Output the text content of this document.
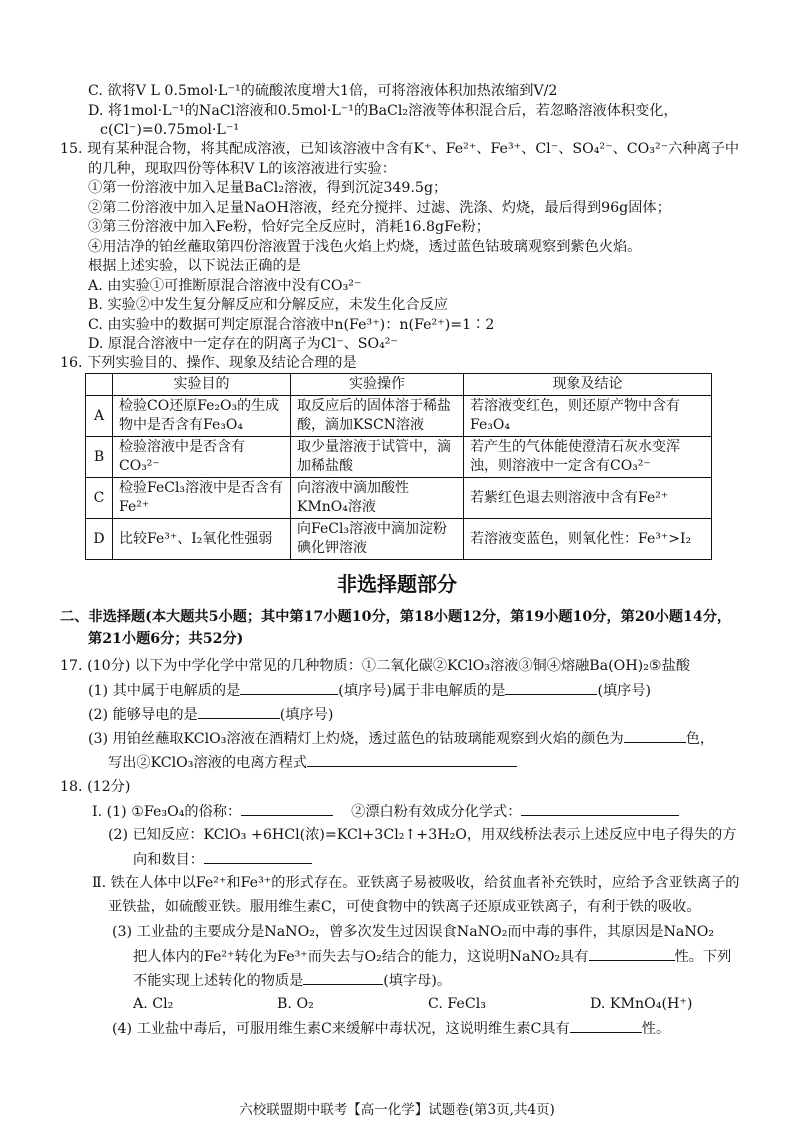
C. 欲将V L 0.5mol·L⁻¹的硫酸浓度增大1倍，可将溶液体积加热浓缩到V/2
D. 将1mol·L⁻¹的NaCl溶液和0.5mol·L⁻¹的BaCl₂溶液等体积混合后，若忽略溶液体积变化，
c(Cl⁻)=0.75mol·L⁻¹
15. 现有某种混合物，将其配成溶液，已知该溶液中含有K⁺、Fe²⁺、Fe³⁺、Cl⁻、SO₄²⁻、CO₃²⁻六种离子中
的几种，现取四份等体积V L的该溶液进行实验：
①第一份溶液中加入足量BaCl₂溶液，得到沉淀349.5g；
②第二份溶液中加入足量NaOH溶液，经充分搅拌、过滤、洗涤、灼烧，最后得到96g固体；
③第三份溶液中加入Fe粉，恰好完全反应时，消耗16.8gFe粉；
④用洁净的铂丝蘸取第四份溶液置于浅色火焰上灼烧，透过蓝色钴玻璃观察到紫色火焰。
根据上述实验，以下说法正确的是
A. 由实验①可推断原混合溶液中没有CO₃²⁻
B. 实验②中发生复分解反应和分解反应，未发生化合反应
C. 由实验中的数据可判定原混合溶液中n(Fe³⁺)：n(Fe²⁺)=1∶2
D. 原混合溶液中一定存在的阴离子为Cl⁻、SO₄²⁻
16. 下列实验目的、操作、现象及结论合理的是
	实验目的	实验操作	现象及结论
A	检验CO还原Fe₂O₃的生成物中是否含有Fe₃O₄	取反应后的固体溶于稀盐酸，滴加KSCN溶液	若溶液变红色，则还原产物中含有Fe₃O₄
B	检验溶液中是否含有CO₃²⁻	取少量溶液于试管中，滴加稀盐酸	若产生的气体能使澄清石灰水变浑浊，则溶液中一定含有CO₃²⁻
C	检验FeCl₃溶液中是否含有Fe²⁺	向溶液中滴加酸性KMnO₄溶液	若紫红色退去则溶液中含有Fe²⁺
D	比较Fe³⁺、I₂氧化性强弱	向FeCl₃溶液中滴加淀粉碘化钾溶液	若溶液变蓝色，则氧化性：Fe³⁺>I₂
非选择题部分
二、非选择题(本大题共5小题；其中第17小题10分，第18小题12分，第19小题10分，第20小题14分，
第21小题6分；共52分)
17. (10分) 以下为中学化学中常见的几种物质：①二氧化碳②KClO₃溶液③铜④熔融Ba(OH)₂⑤盐酸
(1) 其中属于电解质的是	(填序号)属于非电解质的是	(填序号)
(2) 能够导电的是	(填序号)
(3) 用铂丝蘸取KClO₃溶液在酒精灯上灼烧，透过蓝色的钴玻璃能观察到火焰的颜色为	色，
写出②KClO₃溶液的电离方程式
18. (12分)
Ⅰ. (1) ①Fe₃O₄的俗称：	②漂白粉有效成分化学式：
(2) 已知反应：KClO₃ +6HCl(浓)=KCl+3Cl₂↑+3H₂O，用双线桥法表示上述反应中电子得失的方
向和数目：
Ⅱ. 铁在人体中以Fe²⁺和Fe³⁺的形式存在。亚铁离子易被吸收，给贫血者补充铁时，应给予含亚铁离子的
亚铁盐，如硫酸亚铁。服用维生素C，可使食物中的铁离子还原成亚铁离子，有利于铁的吸收。
(3) 工业盐的主要成分是NaNO₂，曾多次发生过因误食NaNO₂而中毒的事件，其原因是NaNO₂
把人体内的Fe²⁺转化为Fe³⁺而失去与O₂结合的能力，这说明NaNO₂具有	性。下列
不能实现上述转化的物质是	(填字母)。
A. Cl₂	B. O₂	C. FeCl₃	D. KMnO₄(H⁺)
(4) 工业盐中毒后，可服用维生素C来缓解中毒状况，这说明维生素C具有	性。
六校联盟期中联考【高一化学】试题卷(第3页,共4页)
